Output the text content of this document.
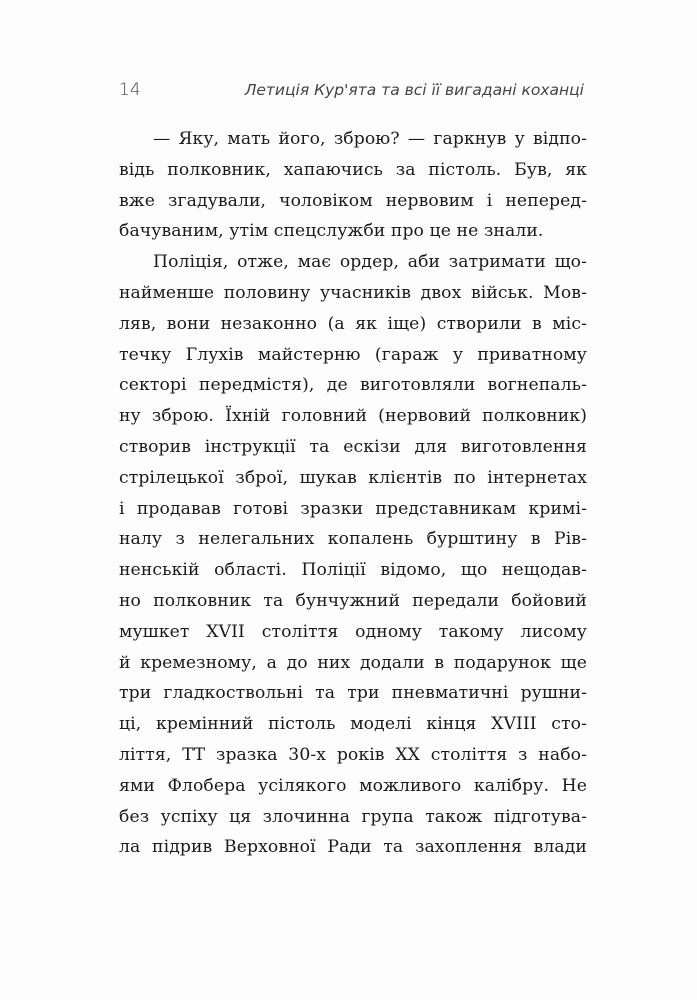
14	Летиція Кур'ята та всі її вигадані коханці

— Яку, мать його, зброю? — гаркнув у відпо-
відь полковник, хапаючись за пістоль. Був, як
вже згадували, чоловіком нервовим і неперед-
бачуваним, утім спецслужби про це не знали.

Поліція, отже, має ордер, аби затримати що-
найменше половину учасників двох військ. Мов-
ляв, вони незаконно (а як іще) створили в міс-
течку Глухів майстерню (гараж у приватному
секторі передмістя), де виготовляли вогнепаль-
ну зброю. Їхній головний (нервовий полковник)
створив інструкції та ескізи для виготовлення
стрілецької зброї, шукав клієнтів по інтернетах
і продавав готові зразки представникам кримі-
налу з нелегальних копалень бурштину в Рів-
ненській області. Поліції відомо, що нещодав-
но полковник та бунчужний передали бойовий
мушкет XVII століття одному такому лисому
й кремезному, а до них додали в подарунок ще
три гладкоствольні та три пневматичні рушни-
ці, кремінний пістоль моделі кінця XVIII сто-
ліття, ТТ зразка 30-х років XX століття з набо-
ями Флобера усілякого можливого калібру. Не
без успіху ця злочинна група також підготува-
ла підрив Верховної Ради та захоплення влади
